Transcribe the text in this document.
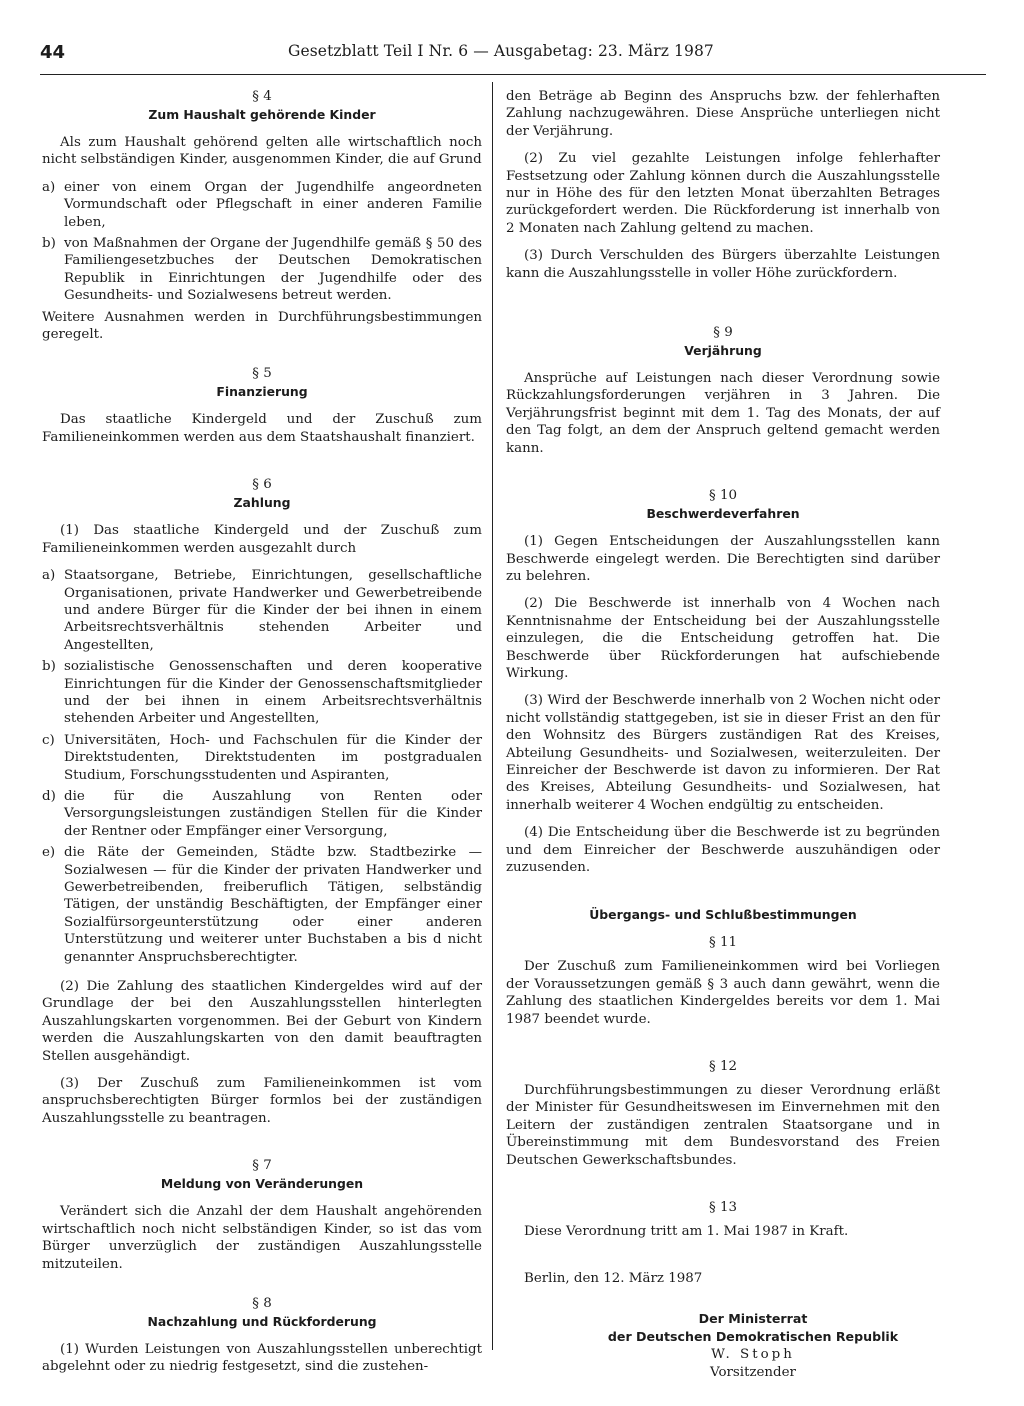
44	Gesetzblatt Teil I Nr. 6 — Ausgabetag: 23. März 1987
§ 4
Zum Haushalt gehörende Kinder

Als zum Haushalt gehörend gelten alle wirtschaftlich noch nicht selbständigen Kinder, ausgenommen Kinder, die auf Grund

a) einer von einem Organ der Jugendhilfe angeordneten Vormundschaft oder Pflegschaft in einer anderen Familie leben,
b) von Maßnahmen der Organe der Jugendhilfe gemäß § 50 des Familiengesetzbuches der Deutschen Demokratischen Republik in Einrichtungen der Jugendhilfe oder des Gesundheits- und Sozialwesens betreut werden.

Weitere Ausnahmen werden in Durchführungsbestimmungen geregelt.

§ 5
Finanzierung

Das staatliche Kindergeld und der Zuschuß zum Familieneinkommen werden aus dem Staatshaushalt finanziert.

§ 6
Zahlung

(1) Das staatliche Kindergeld und der Zuschuß zum Familieneinkommen werden ausgezahlt durch

a) Staatsorgane, Betriebe, Einrichtungen, gesellschaftliche Organisationen, private Handwerker und Gewerbetreibende und andere Bürger für die Kinder der bei ihnen in einem Arbeitsrechtsverhältnis stehenden Arbeiter und Angestellten,
b) sozialistische Genossenschaften und deren kooperative Einrichtungen für die Kinder der Genossenschaftsmitglieder und der bei ihnen in einem Arbeitsrechtsverhältnis stehenden Arbeiter und Angestellten,
c) Universitäten, Hoch- und Fachschulen für die Kinder der Direktstudenten, Direktstudenten im postgradualen Studium, Forschungsstudenten und Aspiranten,
d) die für die Auszahlung von Renten oder Versorgungsleistungen zuständigen Stellen für die Kinder der Rentner oder Empfänger einer Versorgung,
e) die Räte der Gemeinden, Städte bzw. Stadtbezirke — Sozialwesen — für die Kinder der privaten Handwerker und Gewerbetreibenden, freiberuflich Tätigen, selbständig Tätigen, der unständig Beschäftigten, der Empfänger einer Sozialfürsorgeunterstützung oder einer anderen Unterstützung und weiterer unter Buchstaben a bis d nicht genannter Anspruchsberechtigter.

(2) Die Zahlung des staatlichen Kindergeldes wird auf der Grundlage der bei den Auszahlungsstellen hinterlegten Auszahlungskarten vorgenommen. Bei der Geburt von Kindern werden die Auszahlungskarten von den damit beauftragten Stellen ausgehändigt.

(3) Der Zuschuß zum Familieneinkommen ist vom anspruchsberechtigten Bürger formlos bei der zuständigen Auszahlungsstelle zu beantragen.

§ 7
Meldung von Veränderungen

Verändert sich die Anzahl der dem Haushalt angehörenden wirtschaftlich noch nicht selbständigen Kinder, so ist das vom Bürger unverzüglich der zuständigen Auszahlungsstelle mitzuteilen.

§ 8
Nachzahlung und Rückforderung

(1) Wurden Leistungen von Auszahlungsstellen unberechtigt abgelehnt oder zu niedrig festgesetzt, sind die zustehen-

den Beträge ab Beginn des Anspruchs bzw. der fehlerhaften Zahlung nachzugewähren. Diese Ansprüche unterliegen nicht der Verjährung.

(2) Zu viel gezahlte Leistungen infolge fehlerhafter Festsetzung oder Zahlung können durch die Auszahlungsstelle nur in Höhe des für den letzten Monat überzahlten Betrages zurückgefordert werden. Die Rückforderung ist innerhalb von 2 Monaten nach Zahlung geltend zu machen.

(3) Durch Verschulden des Bürgers überzahlte Leistungen kann die Auszahlungsstelle in voller Höhe zurückfordern.

§ 9
Verjährung

Ansprüche auf Leistungen nach dieser Verordnung sowie Rückzahlungsforderungen verjähren in 3 Jahren. Die Verjährungsfrist beginnt mit dem 1. Tag des Monats, der auf den Tag folgt, an dem der Anspruch geltend gemacht werden kann.

§ 10
Beschwerdeverfahren

(1) Gegen Entscheidungen der Auszahlungsstellen kann Beschwerde eingelegt werden. Die Berechtigten sind darüber zu belehren.

(2) Die Beschwerde ist innerhalb von 4 Wochen nach Kenntnisnahme der Entscheidung bei der Auszahlungsstelle einzulegen, die die Entscheidung getroffen hat. Die Beschwerde über Rückforderungen hat aufschiebende Wirkung.

(3) Wird der Beschwerde innerhalb von 2 Wochen nicht oder nicht vollständig stattgegeben, ist sie in dieser Frist an den für den Wohnsitz des Bürgers zuständigen Rat des Kreises, Abteilung Gesundheits- und Sozialwesen, weiterzuleiten. Der Einreicher der Beschwerde ist davon zu informieren. Der Rat des Kreises, Abteilung Gesundheits- und Sozialwesen, hat innerhalb weiterer 4 Wochen endgültig zu entscheiden.

(4) Die Entscheidung über die Beschwerde ist zu begründen und dem Einreicher der Beschwerde auszuhändigen oder zuzusenden.

Übergangs- und Schlußbestimmungen
§ 11

Der Zuschuß zum Familieneinkommen wird bei Vorliegen der Voraussetzungen gemäß § 3 auch dann gewährt, wenn die Zahlung des staatlichen Kindergeldes bereits vor dem 1. Mai 1987 beendet wurde.

§ 12

Durchführungsbestimmungen zu dieser Verordnung erläßt der Minister für Gesundheitswesen im Einvernehmen mit den Leitern der zuständigen zentralen Staatsorgane und in Übereinstimmung mit dem Bundesvorstand des Freien Deutschen Gewerkschaftsbundes.

§ 13

Diese Verordnung tritt am 1. Mai 1987 in Kraft.

Berlin, den 12. März 1987

Der Ministerrat
der Deutschen Demokratischen Republik
W. Stoph
Vorsitzender
